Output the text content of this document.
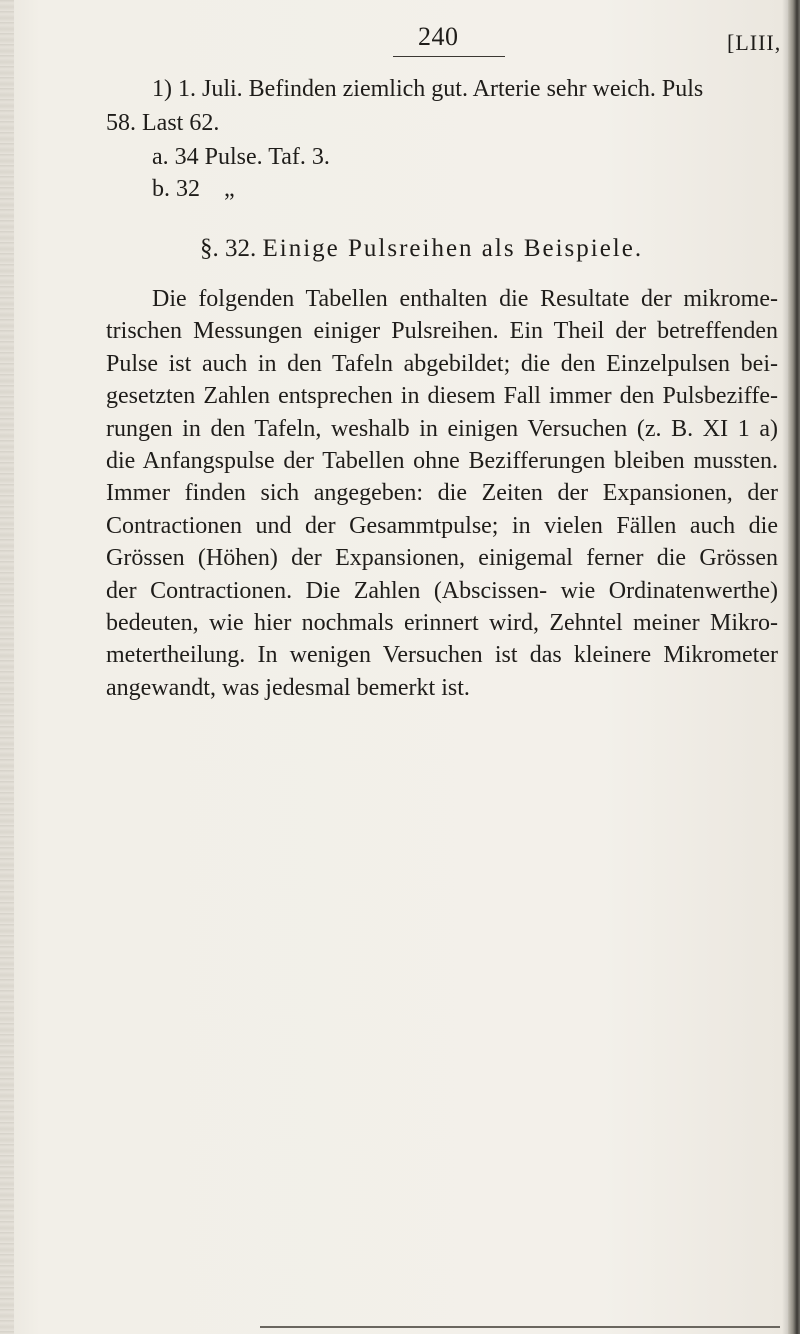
240	[LIII,
1) 1. Juli. Befinden ziemlich gut. Arterie sehr weich. Puls
58. Last 62.
a. 34 Pulse. Taf. 3.
b. 32    „
§. 32. Einige Pulsreihen als Beispiele.
Die folgenden Tabellen enthalten die Resultate der mikrome-
trischen Messungen einiger Pulsreihen. Ein Theil der betreffenden
Pulse ist auch in den Tafeln abgebildet; die den Einzelpulsen bei-
gesetzten Zahlen entsprechen in diesem Fall immer den Pulsbeziffe-
rungen in den Tafeln, weshalb in einigen Versuchen (z. B. XI 1 a)
die Anfangspulse der Tabellen ohne Bezifferungen bleiben mussten.
Immer finden sich angegeben: die Zeiten der Expansionen, der
Contractionen und der Gesammtpulse; in vielen Fällen auch die
Grössen (Höhen) der Expansionen, einigemal ferner die Grössen
der Contractionen. Die Zahlen (Abscissen- wie Ordinatenwerthe)
bedeuten, wie hier nochmals erinnert wird, Zehntel meiner Mikro-
metertheilung. In wenigen Versuchen ist das kleinere Mikrometer
angewandt, was jedesmal bemerkt ist.
